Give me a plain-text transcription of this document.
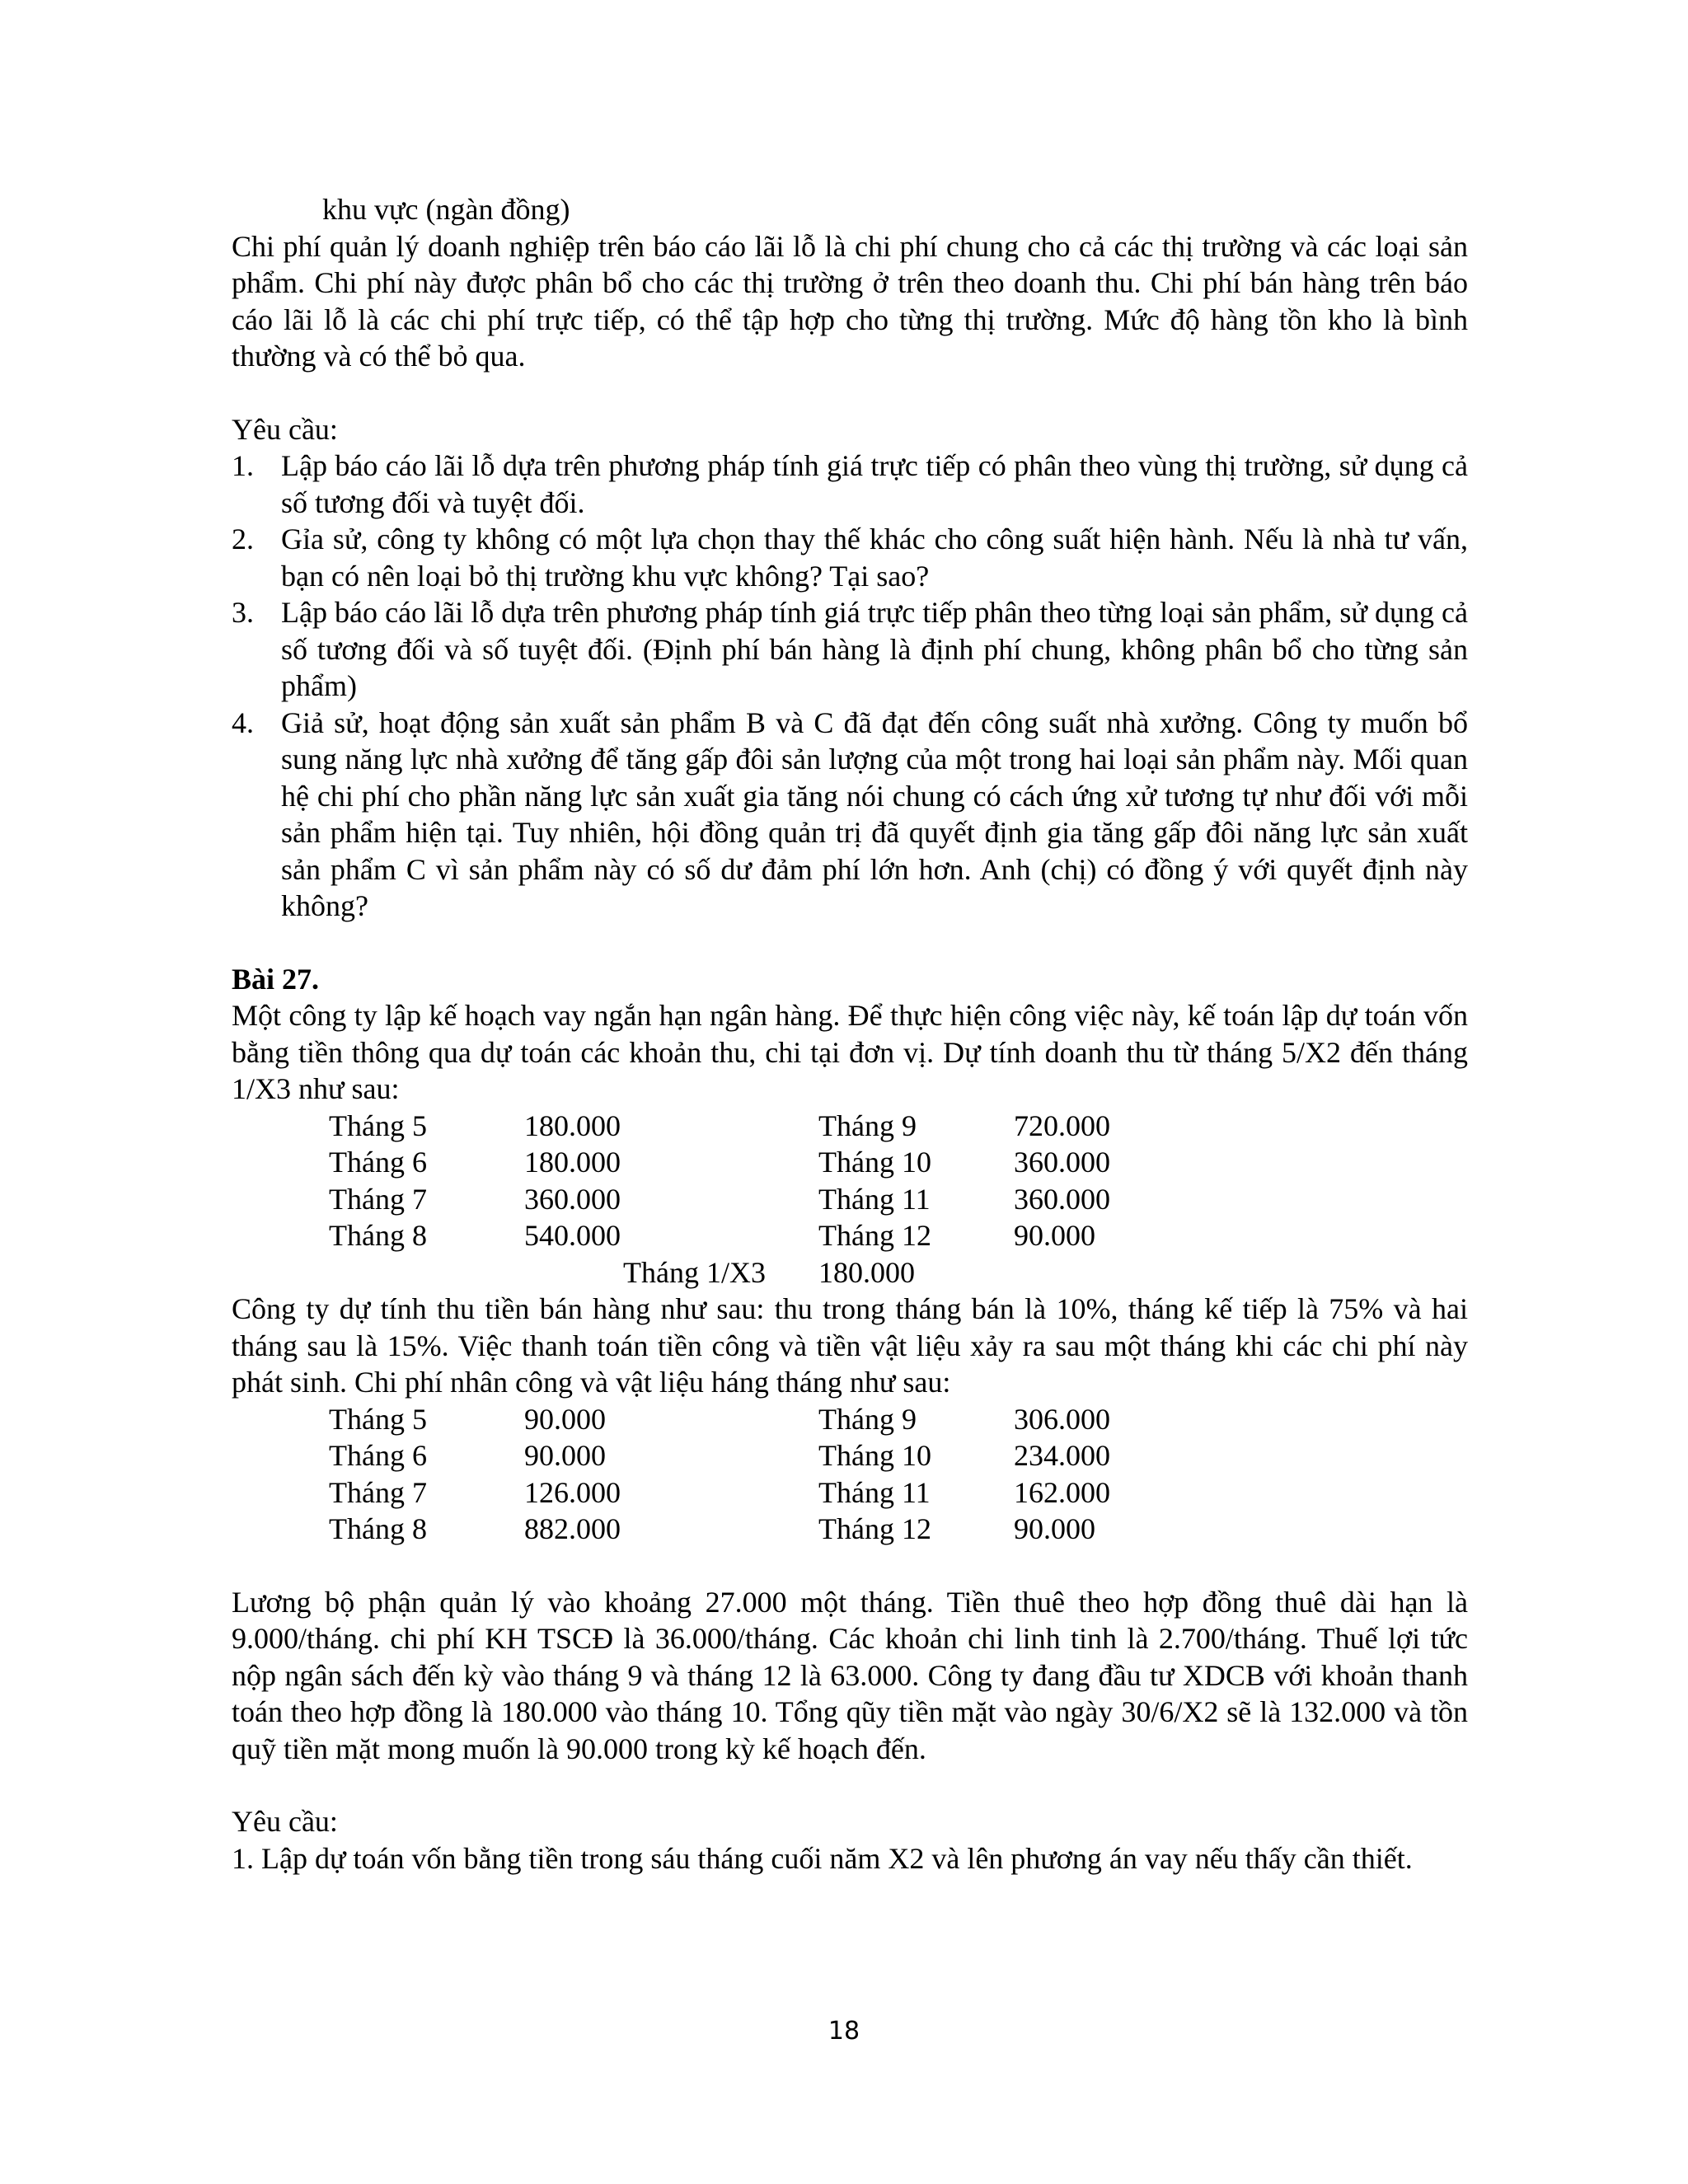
khu vực (ngàn đồng)

Chi phí quản lý doanh nghiệp trên báo cáo lãi lỗ là chi phí chung cho cả các thị trường và các loại sản phẩm. Chi phí này được phân bổ cho các thị trường ở trên theo doanh thu. Chi phí bán hàng trên báo cáo lãi lỗ là các chi phí trực tiếp, có thể tập hợp cho từng thị trường. Mức độ hàng tồn kho là bình thường và có thể bỏ qua.

Yêu cầu:

1. Lập báo cáo lãi lỗ dựa trên phương pháp tính giá trực tiếp có phân theo vùng thị trường, sử dụng cả số tương đối và tuyệt đối.
2. Gỉa sử, công ty không có một lựa chọn thay thế khác cho công suất hiện hành. Nếu là nhà tư vấn, bạn có nên loại bỏ thị trường khu vực không? Tại sao?
3. Lập báo cáo lãi lỗ dựa trên phương pháp tính giá trực tiếp phân theo từng loại sản phẩm, sử dụng cả số tương đối và số tuyệt đối. (Định phí bán hàng là định phí chung, không phân bổ cho từng sản phẩm)
4. Giả sử, hoạt động sản xuất sản phẩm B và C đã đạt đến công suất nhà xưởng. Công ty muốn bổ sung năng lực nhà xưởng để tăng gấp đôi sản lượng của một trong hai loại sản phẩm này. Mối quan hệ chi phí cho phần năng lực sản xuất gia tăng nói chung có cách ứng xử tương tự như đối với mỗi sản phẩm hiện tại. Tuy nhiên, hội đồng quản trị đã quyết định gia tăng gấp đôi năng lực sản xuất sản phẩm C vì sản phẩm này có số dư đảm phí lớn hơn. Anh (chị) có đồng ý với quyết định này không?

Bài 27.

Một công ty lập kế hoạch vay ngắn hạn ngân hàng. Để thực hiện công việc này, kế toán lập dự toán vốn bằng tiền thông qua dự toán các khoản thu, chi tại đơn vị. Dự tính doanh thu từ tháng 5/X2 đến tháng 1/X3 như sau:

Tháng 5	180.000	Tháng 9	720.000
Tháng 6	180.000	Tháng 10	360.000
Tháng 7	360.000	Tháng 11	360.000
Tháng 8	540.000	Tháng 12	90.000
Tháng 1/X3 180.000

Công ty dự tính thu tiền bán hàng như sau: thu trong tháng bán là 10%, tháng kế tiếp là 75% và hai tháng sau là 15%. Việc thanh toán tiền công và tiền vật liệu xảy ra sau một tháng khi các chi phí này phát sinh. Chi phí nhân công và vật liệu háng tháng như sau:

Tháng 5	90.000	Tháng 9	306.000
Tháng 6	90.000	Tháng 10	234.000
Tháng 7	126.000	Tháng 11	162.000
Tháng 8	882.000	Tháng 12	90.000

Lương bộ phận quản lý vào khoảng 27.000 một tháng. Tiền thuê theo hợp đồng thuê dài hạn là 9.000/tháng. chi phí KH TSCĐ là 36.000/tháng. Các khoản chi linh tinh là 2.700/tháng. Thuế lợi tức nộp ngân sách đến kỳ vào tháng 9 và tháng 12 là 63.000. Công ty đang đầu tư XDCB với khoản thanh toán theo hợp đồng là 180.000 vào tháng 10. Tổng qũy tiền mặt vào ngày 30/6/X2 sẽ là 132.000 và tồn quỹ tiền mặt mong muốn là 90.000 trong kỳ kế hoạch đến.

Yêu cầu:

1. Lập dự toán vốn bằng tiền trong sáu tháng cuối năm X2 và lên phương án vay nếu thấy cần thiết.

18
